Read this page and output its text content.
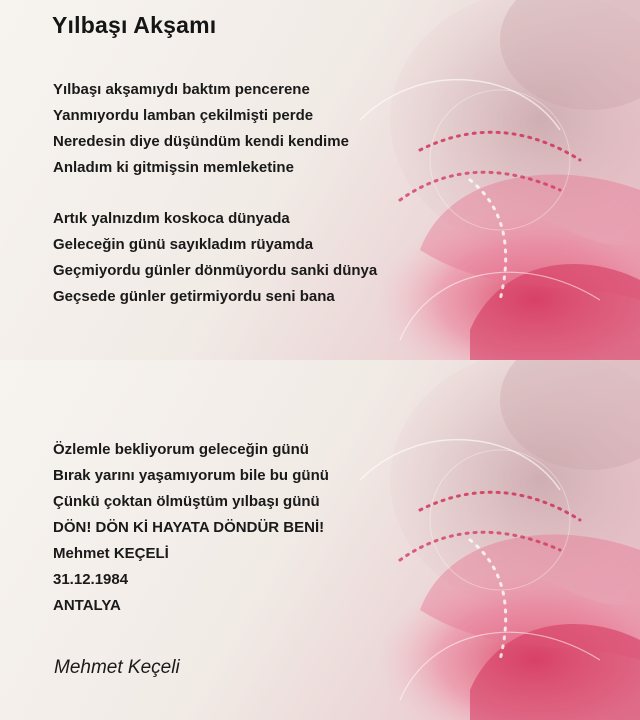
Yılbaşı Akşamı
Yılbaşı akşamıydı baktım pencerene
Yanmıyordu lamban çekilmişti perde
Neredesin diye düşündüm kendi kendime
Anladım ki gitmişsin memleketine
Artık yalnızdım koskoca dünyada
Geleceğin günü sayıkladım rüyamda
Geçmiyordu günler dönmüyordu sanki dünya
Geçsede günler getirmiyordu seni bana
Özlemle bekliyorum geleceğin günü
Bırak yarını yaşamıyorum bile bu günü
Çünkü çoktan ölmüştüm yılbaşı günü
DÖN! DÖN Kİ HAYATA DÖNDÜR BENİ!
Mehmet KEÇELİ
31.12.1984
ANTALYA

Mehmet Keçeli
